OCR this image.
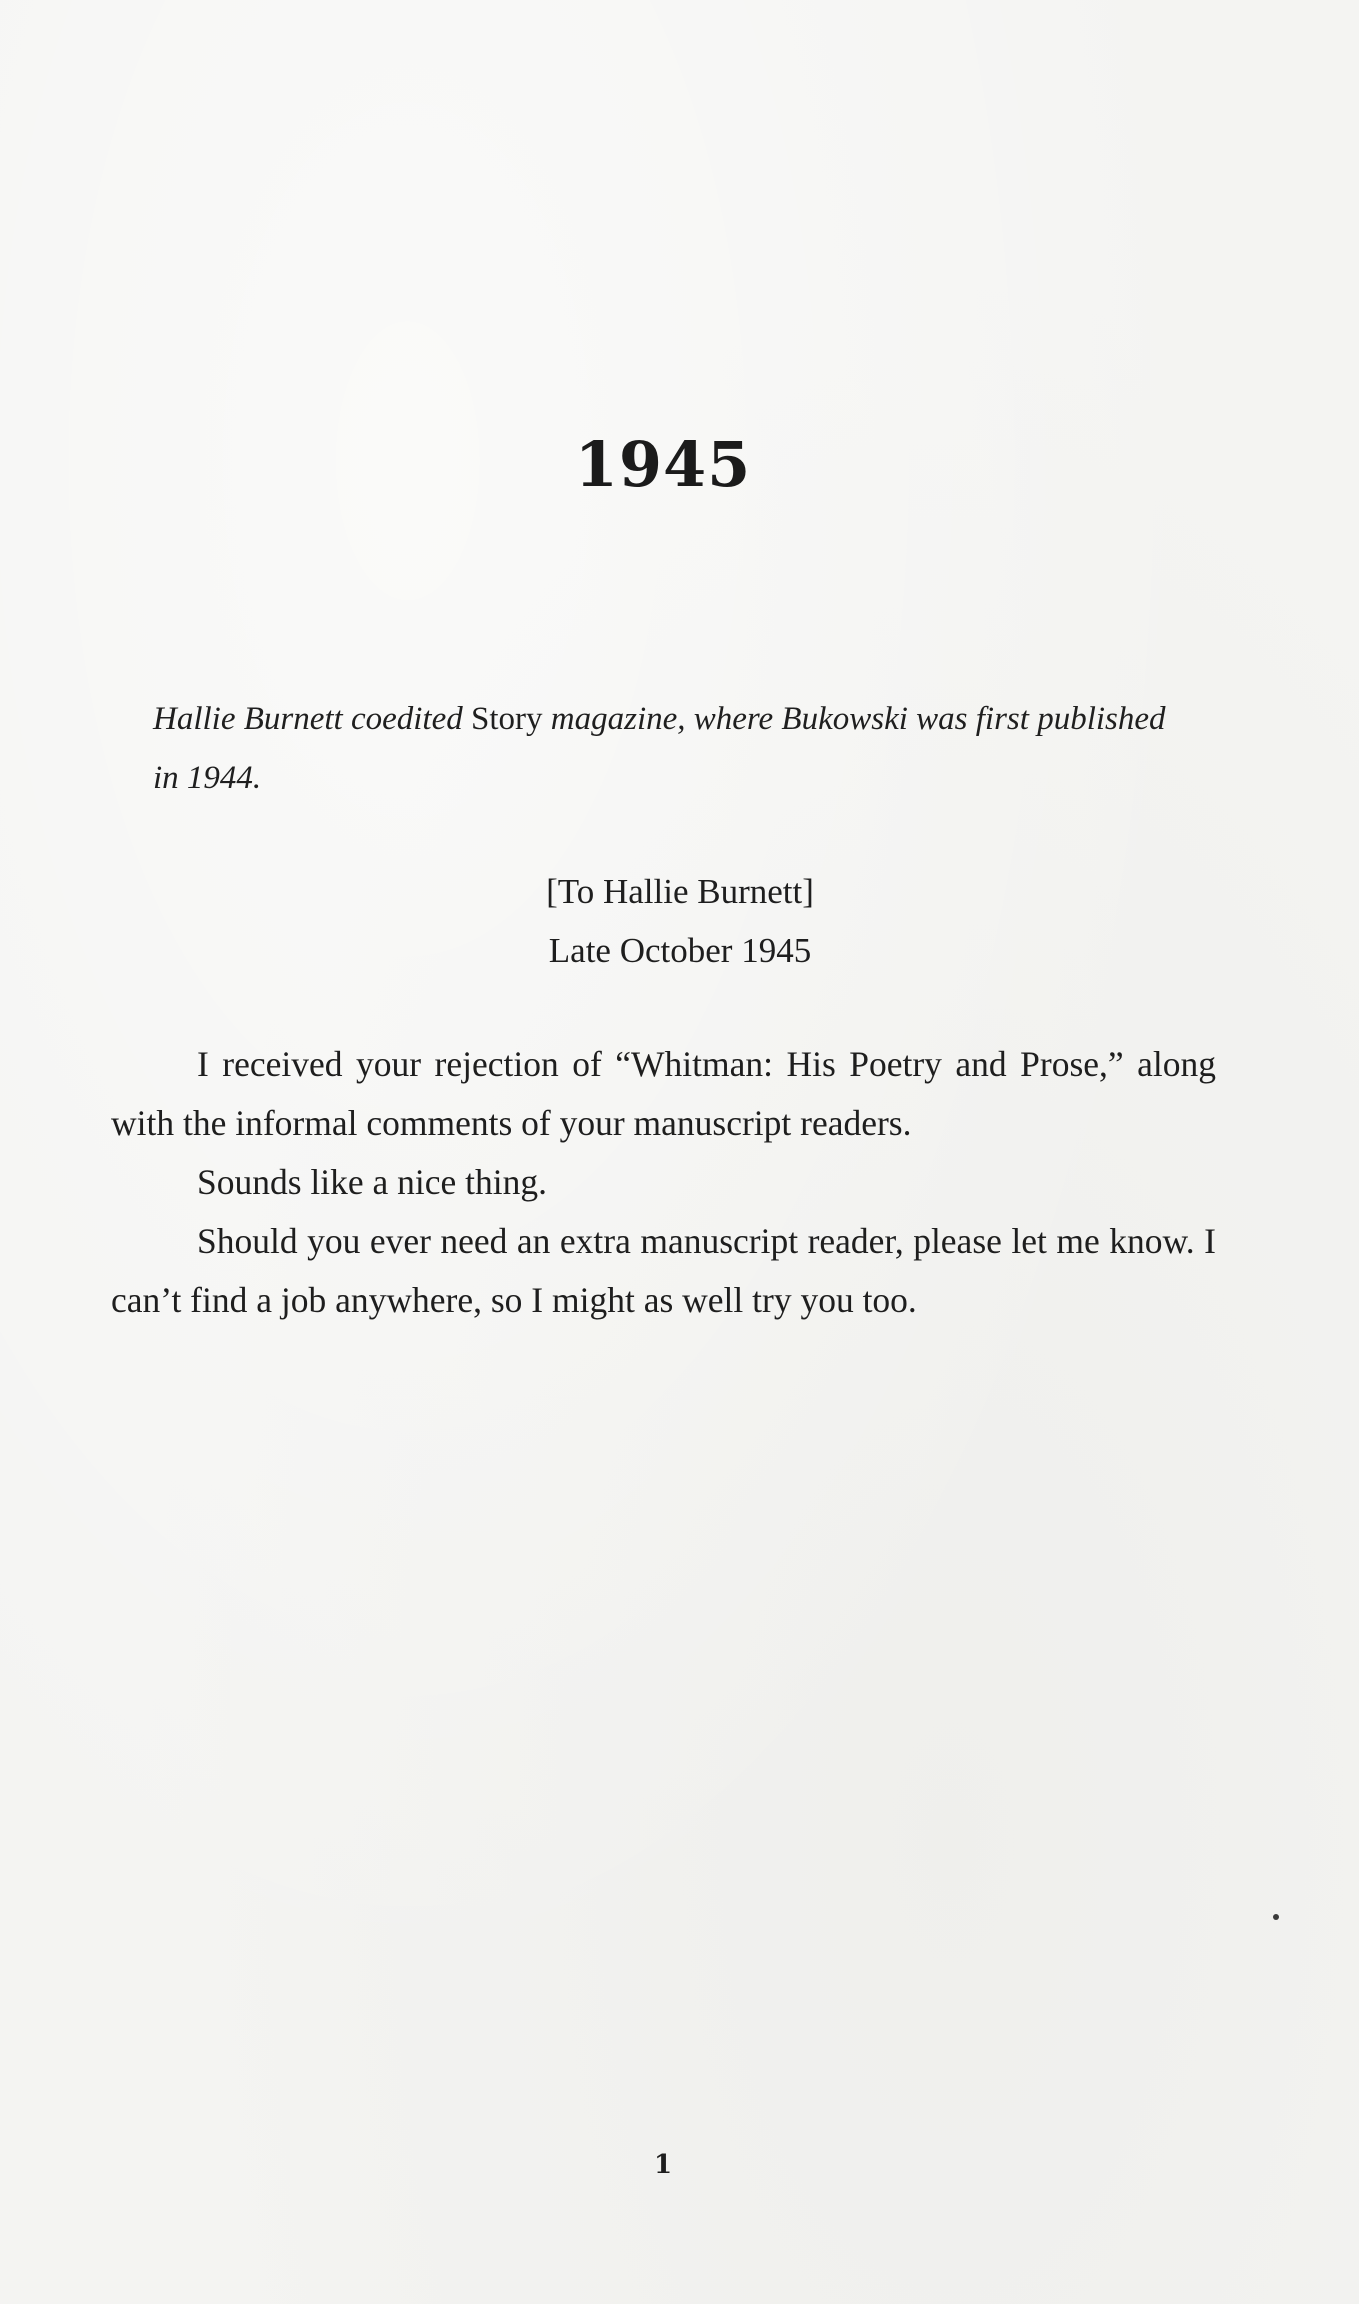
1945

Hallie Burnett coedited Story magazine, where Bukowski was first published in 1944.

[To Hallie Burnett]
Late October 1945

I received your rejection of “Whitman: His Poetry and Prose,” along with the informal comments of your manuscript readers.

Sounds like a nice thing.

Should you ever need an extra manuscript reader, please let me know. I can’t find a job anywhere, so I might as well try you too.

1
